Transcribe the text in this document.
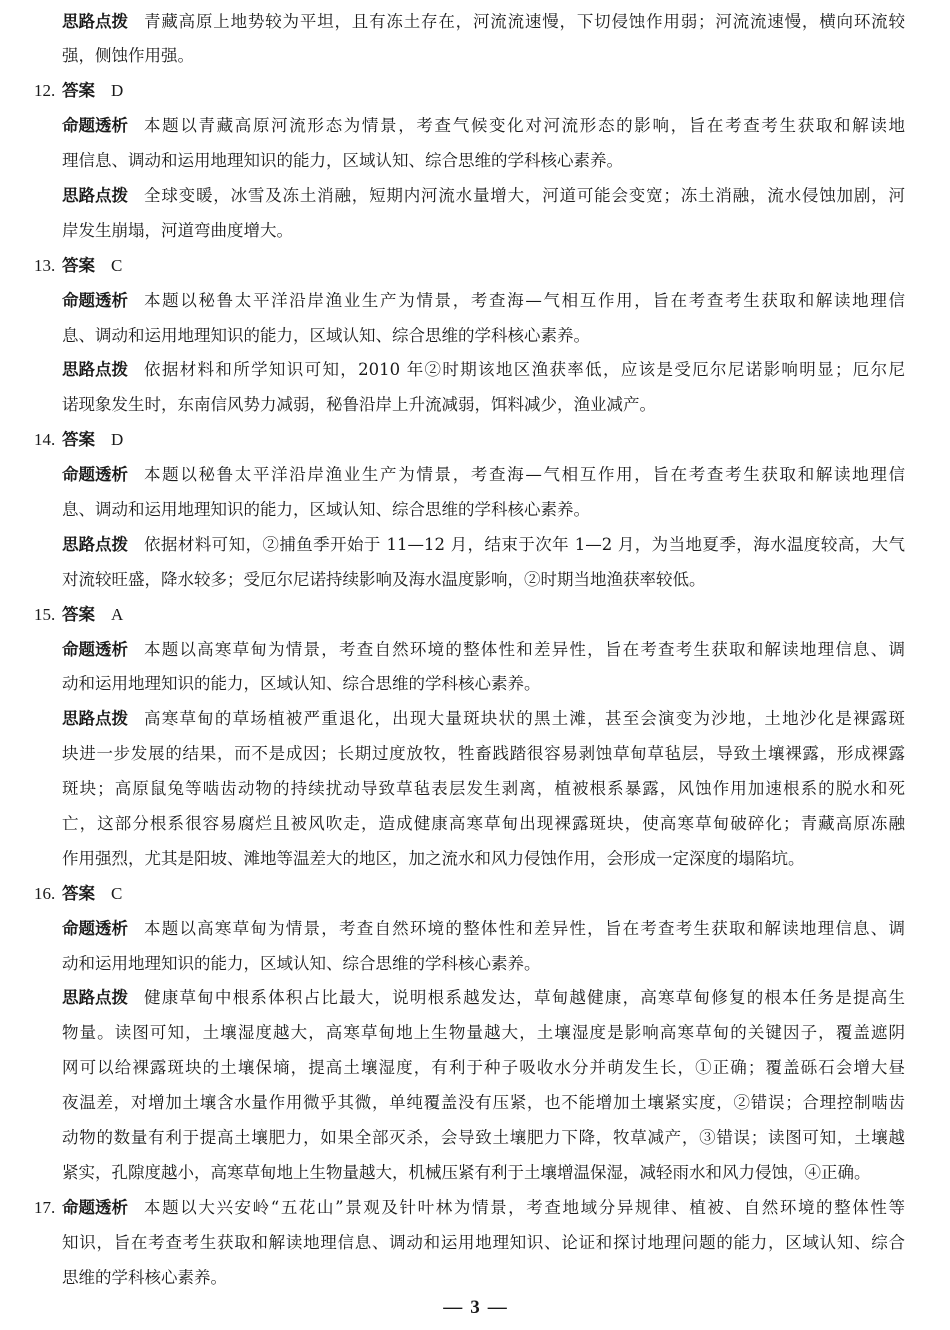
思路点拨 青藏高原上地势较为平坦，且有冻土存在，河流流速慢，下切侵蚀作用弱；河流流速慢，横向环流较
强，侧蚀作用强。
12. 答案 D
命题透析 本题以青藏高原河流形态为情景，考查气候变化对河流形态的影响，旨在考查考生获取和解读地
理信息、调动和运用地理知识的能力，区域认知、综合思维的学科核心素养。
思路点拨 全球变暖，冰雪及冻土消融，短期内河流水量增大，河道可能会变宽；冻土消融，流水侵蚀加剧，河
岸发生崩塌，河道弯曲度增大。
13. 答案 C
命题透析 本题以秘鲁太平洋沿岸渔业生产为情景，考查海—气相互作用，旨在考查考生获取和解读地理信
息、调动和运用地理知识的能力，区域认知、综合思维的学科核心素养。
思路点拨 依据材料和所学知识可知，2010 年②时期该地区渔获率低，应该是受厄尔尼诺影响明显；厄尔尼
诺现象发生时，东南信风势力减弱，秘鲁沿岸上升流减弱，饵料减少，渔业减产。
14. 答案 D
命题透析 本题以秘鲁太平洋沿岸渔业生产为情景，考查海—气相互作用，旨在考查考生获取和解读地理信
息、调动和运用地理知识的能力，区域认知、综合思维的学科核心素养。
思路点拨 依据材料可知，②捕鱼季开始于 11—12 月，结束于次年 1—2 月，为当地夏季，海水温度较高，大气
对流较旺盛，降水较多；受厄尔尼诺持续影响及海水温度影响，②时期当地渔获率较低。
15. 答案 A
命题透析 本题以高寒草甸为情景，考查自然环境的整体性和差异性，旨在考查考生获取和解读地理信息、调
动和运用地理知识的能力，区域认知、综合思维的学科核心素养。
思路点拨 高寒草甸的草场植被严重退化，出现大量斑块状的黑土滩，甚至会演变为沙地，土地沙化是裸露斑
块进一步发展的结果，而不是成因；长期过度放牧，牲畜践踏很容易剥蚀草甸草毡层，导致土壤裸露，形成裸露
斑块；高原鼠兔等啮齿动物的持续扰动导致草毡表层发生剥离，植被根系暴露，风蚀作用加速根系的脱水和死
亡，这部分根系很容易腐烂且被风吹走，造成健康高寒草甸出现裸露斑块，使高寒草甸破碎化；青藏高原冻融
作用强烈，尤其是阳坡、滩地等温差大的地区，加之流水和风力侵蚀作用，会形成一定深度的塌陷坑。
16. 答案 C
命题透析 本题以高寒草甸为情景，考查自然环境的整体性和差异性，旨在考查考生获取和解读地理信息、调
动和运用地理知识的能力，区域认知、综合思维的学科核心素养。
思路点拨 健康草甸中根系体积占比最大，说明根系越发达，草甸越健康，高寒草甸修复的根本任务是提高生
物量。读图可知，土壤湿度越大，高寒草甸地上生物量越大，土壤湿度是影响高寒草甸的关键因子，覆盖遮阴
网可以给裸露斑块的土壤保墒，提高土壤湿度，有利于种子吸收水分并萌发生长，①正确；覆盖砾石会增大昼
夜温差，对增加土壤含水量作用微乎其微，单纯覆盖没有压紧，也不能增加土壤紧实度，②错误；合理控制啮齿
动物的数量有利于提高土壤肥力，如果全部灭杀，会导致土壤肥力下降，牧草减产，③错误；读图可知，土壤越
紧实，孔隙度越小，高寒草甸地上生物量越大，机械压紧有利于土壤增温保湿，减轻雨水和风力侵蚀，④正确。
17. 命题透析 本题以大兴安岭“五花山”景观及针叶林为情景，考查地域分异规律、植被、自然环境的整体性等
知识，旨在考查考生获取和解读地理信息、调动和运用地理知识、论证和探讨地理问题的能力，区域认知、综合
思维的学科核心素养。
— 3 —
